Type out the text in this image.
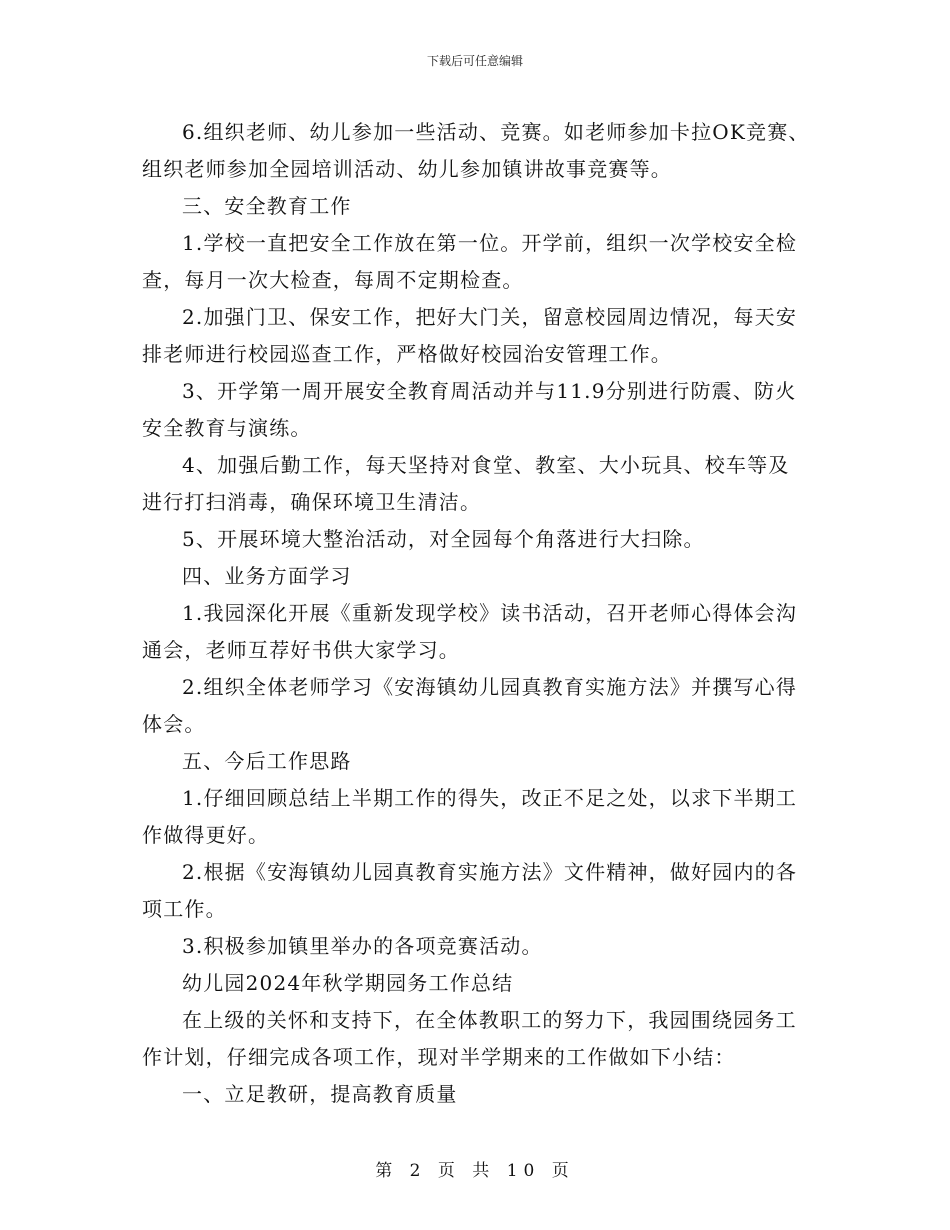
下载后可任意编辑

6.组织老师、幼儿参加一些活动、竞赛。如老师参加卡拉OK竞赛、组织老师参加全园培训活动、幼儿参加镇讲故事竞赛等。

三、安全教育工作

1.学校一直把安全工作放在第一位。开学前，组织一次学校安全检查，每月一次大检查，每周不定期检查。

2.加强门卫、保安工作，把好大门关，留意校园周边情况，每天安排老师进行校园巡查工作，严格做好校园治安管理工作。

3、开学第一周开展安全教育周活动并与11.9分别进行防震、防火安全教育与演练。

4、加强后勤工作，每天坚持对食堂、教室、大小玩具、校车等及进行打扫消毒，确保环境卫生清洁。

5、开展环境大整治活动，对全园每个角落进行大扫除。

四、业务方面学习

1.我园深化开展《重新发现学校》读书活动，召开老师心得体会沟通会，老师互荐好书供大家学习。

2.组织全体老师学习《安海镇幼儿园真教育实施方法》并撰写心得体会。

五、今后工作思路

1.仔细回顾总结上半期工作的得失，改正不足之处，以求下半期工作做得更好。

2.根据《安海镇幼儿园真教育实施方法》文件精神，做好园内的各项工作。

3.积极参加镇里举办的各项竞赛活动。

幼儿园2024年秋学期园务工作总结

在上级的关怀和支持下，在全体教职工的努力下，我园围绕园务工作计划，仔细完成各项工作，现对半学期来的工作做如下小结：

一、立足教研，提高教育质量

第 2 页 共 10 页
